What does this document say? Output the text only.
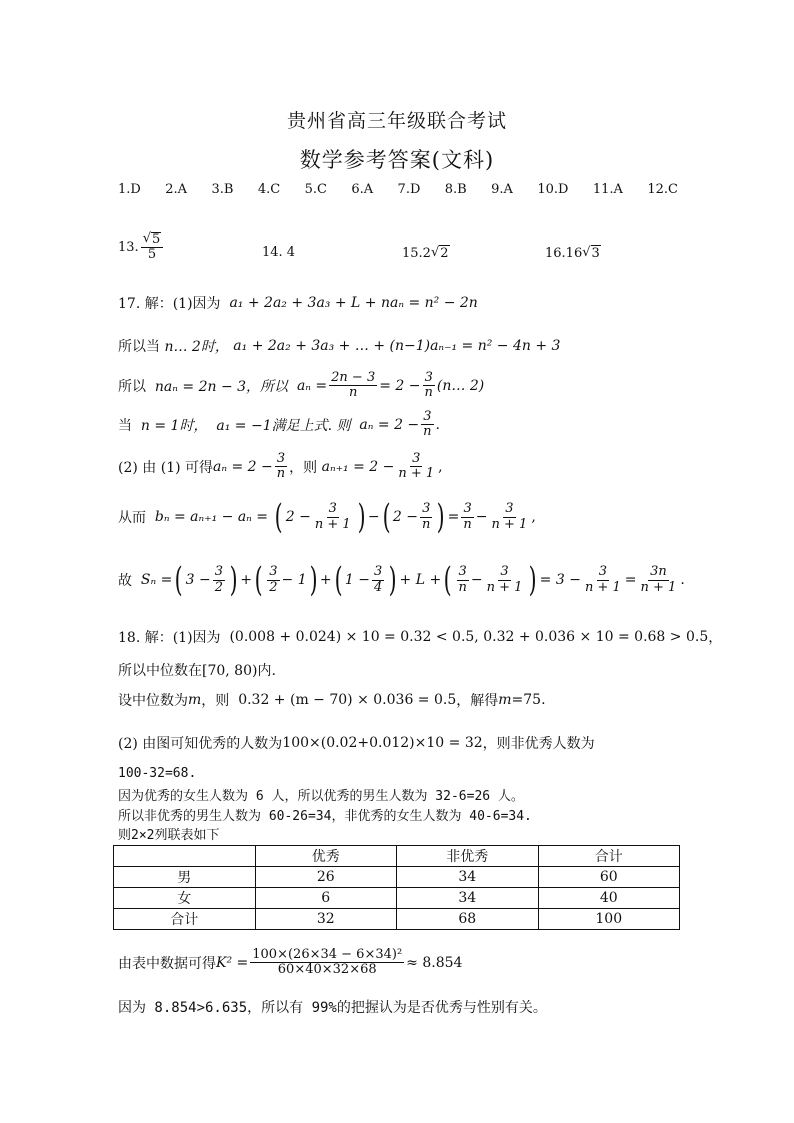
贵州省高三年级联合考试
数学参考答案(文科)
1.D 2.A 3.B 4.C 5.C 6.A 7.D 8.B 9.A 10.D 11.A 12.C
13. $\frac{√ 5}{5}$	14. 4	15.2 √ 2	16.16 √ 3
17. 解：(1)因为
a₁ + 2a₂ + 3a₃ + L + naₙ = n² − 2n
所以当
n… 2时，
a₁ + 2a₂ + 3a₃ + … + (n−1)aₙ₋₁ = n² − 4n + 3
所以
naₙ = 2n − 3，所以
$a_n = \frac{2n - 3}{n} = 2 - \frac{3}{n}$ (n… 2)
当
n = 1时，
a₁ = −1满足上式. 则
$a_n = 2 - \frac{3}{n}$ .
(2) 由 (1) 可得 $a_n = 2 - \frac{3}{n}$ ，则
$a_{n+1} = 2 - \frac{3}{n + 1}$ ,
从而
bₙ = aₙ₊₁ − aₙ =
( $2 - \frac{3}{n + 1}$ ) − ( $2 - \frac{3}{n}$ ) = $\frac{3}{n} - \frac{3}{n + 1}$ ,
故
Sₙ = ( $3 - \frac{3}{2}$ ) + ( $\frac{3}{2} - 1$ ) + ( $1 - \frac{3}{4}$ ) + L + ( $\frac{3}{n} - \frac{3}{n + 1}$ ) = $3 - \frac{3}{n + 1} = \frac{3n}{n + 1}$ .
18. 解：(1)因为
(0.008 + 0.024) × 10 = 0.32 < 0.5, 0.32 + 0.036 × 10 = 0.68 > 0.5 ，
所以中位数在[70, 80)内.
设中位数为 m ，则
0.32 + (m − 70) × 0.036 = 0.5 ，解得 m =75.
(2) 由图可知优秀的人数为 100×(0.02+0.012)×10 = 32 ，则非优秀人数为
100-32=68.
因为优秀的女生人数为 6 人，所以优秀的男生人数为 32-6=26 人。
所以非优秀的男生人数为 60-26=34，非优秀的女生人数为 40-6=34.
则2×2列联表如下
	优秀	非优秀	合计
男	26	34	60
女	6	34	40
合计	32	68	100
由表中数据可得 $K^2 = \frac{\text{100×(26×34 − 6×34)²}}{60\times 40\times 32\times 68} \approx 8.854$
因为 8.854>6.635，所以有 99%的把握认为是否优秀与性别有关。
